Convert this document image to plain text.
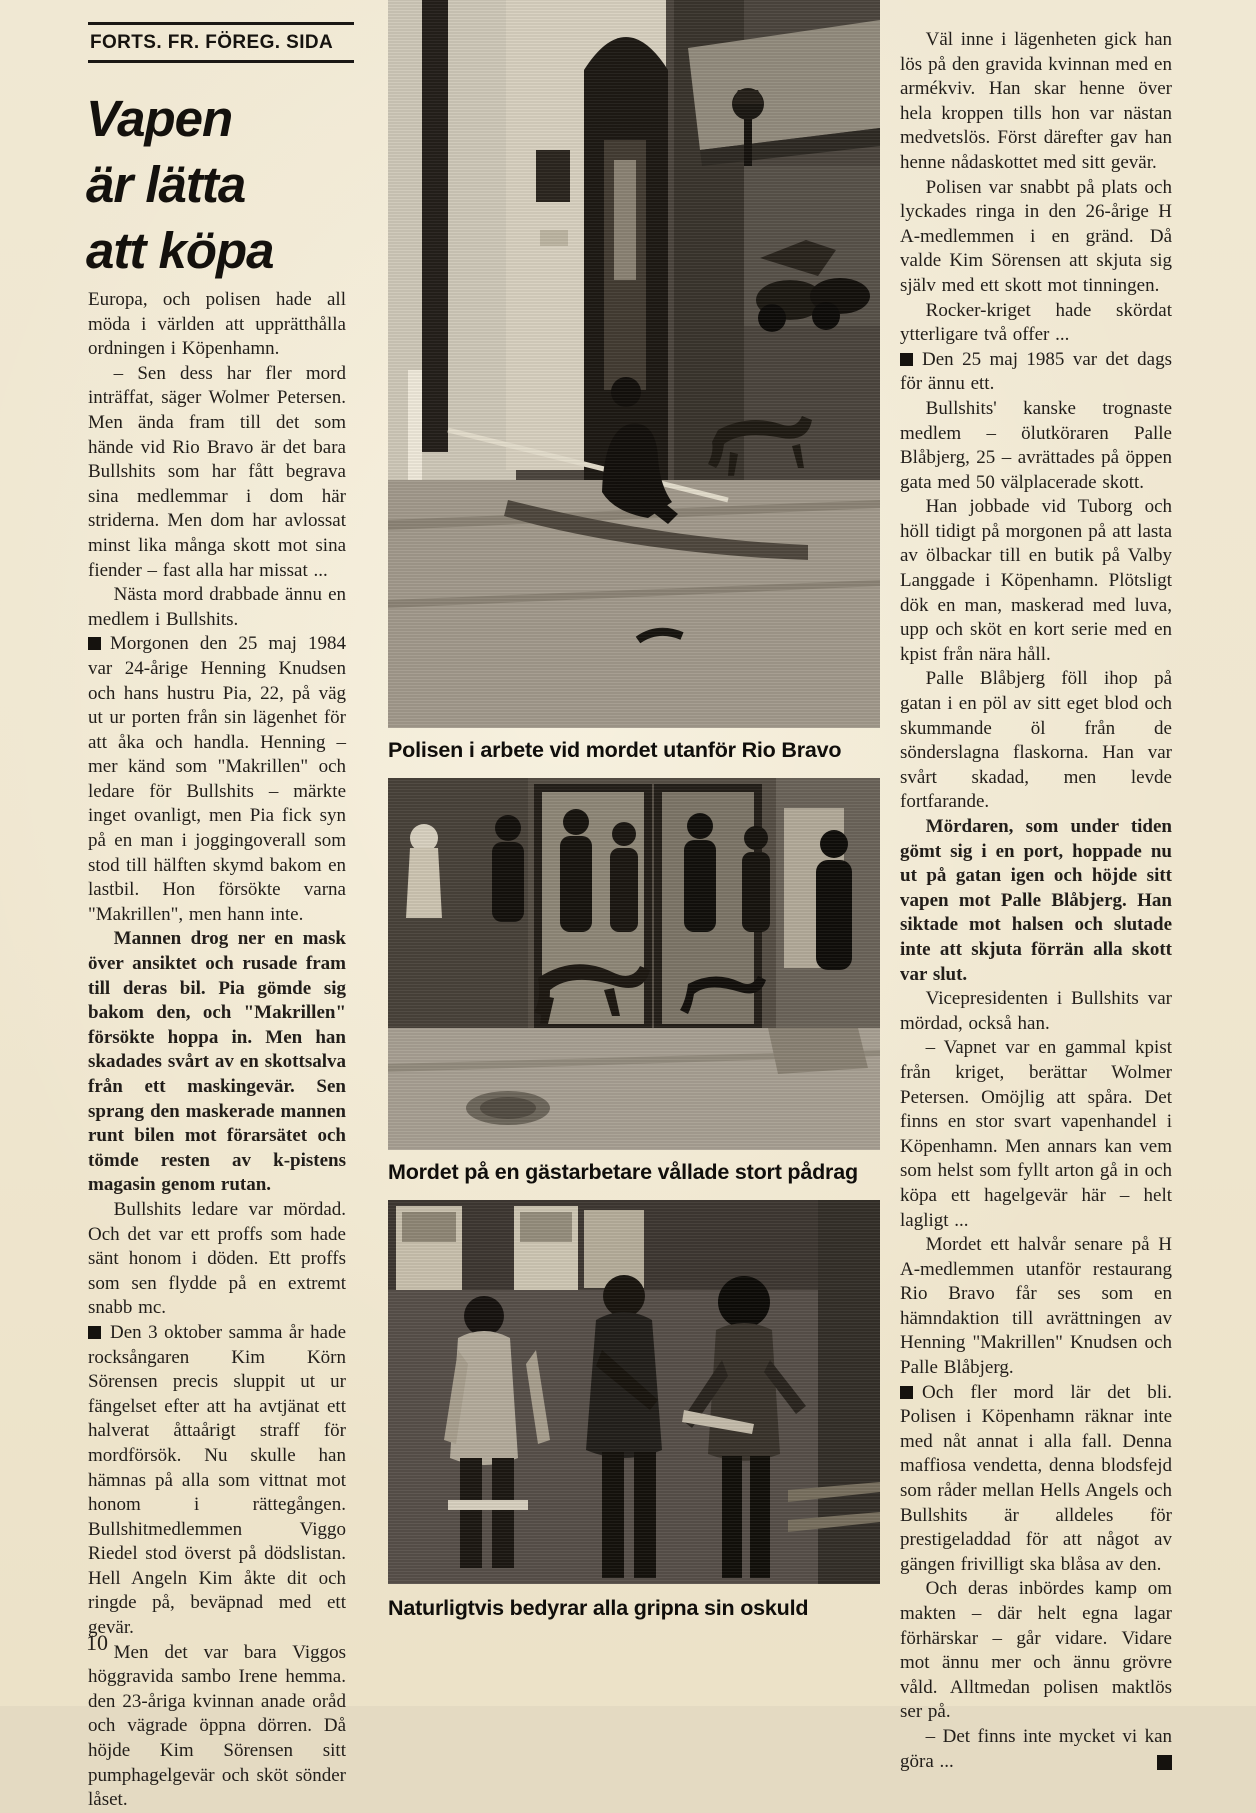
FORTS. FR. FÖREG. SIDA
Vapen
är lätta
att köpa

Europa, och polisen hade all möda i världen att upprätthålla ordningen i Köpenhamn.

– Sen dess har fler mord inträffat, säger Wolmer Petersen. Men ända fram till det som hände vid Rio Bravo är det bara Bullshits som har fått begrava sina medlemmar i dom här striderna. Men dom har avlossat minst lika många skott mot sina fiender – fast alla har missat ...

Nästa mord drabbade ännu en medlem i Bullshits.

Morgonen den 25 maj 1984 var 24-årige Henning Knudsen och hans hustru Pia, 22, på väg ut ur porten från sin lägenhet för att åka och handla. Henning – mer känd som "Makrillen" och ledare för Bullshits – märkte inget ovanligt, men Pia fick syn på en man i joggingoverall som stod till hälften skymd bakom en lastbil. Hon försökte varna "Makrillen", men hann inte.

Mannen drog ner en mask över ansiktet och rusade fram till deras bil. Pia gömde sig bakom den, och "Makrillen" försökte hoppa in. Men han skadades svårt av en skottsalva från ett maskingevär. Sen sprang den maskerade mannen runt bilen mot förarsätet och tömde resten av k-pistens magasin genom rutan.

Bullshits ledare var mördad. Och det var ett proffs som hade sänt honom i döden. Ett proffs som sen flydde på en extremt snabb mc.

Den 3 oktober samma år hade rocksångaren Kim Körn Sörensen precis sluppit ut ur fängelset efter att ha avtjänat ett halverat åttaårigt straff för mordförsök. Nu skulle han hämnas på alla som vittnat mot honom i rättegången. Bullshitmedlemmen Viggo Riedel stod överst på dödslistan. Hell Angeln Kim åkte dit och ringde på, beväpnad med ett gevär.

Men det var bara Viggos höggravida sambo Irene hemma. den 23-åriga kvinnan anade oråd och vägrade öppna dörren. Då höjde Kim Sörensen sitt pumphagelgevär och sköt sönder låset.

Polisen i arbete vid mordet utanför Rio Bravo
Mordet på en gästarbetare vållade stort pådrag
Naturligtvis bedyrar alla gripna sin oskuld

Väl inne i lägenheten gick han lös på den gravida kvinnan med en armékviv. Han skar henne över hela kroppen tills hon var nästan medvetslös. Först därefter gav han henne nådaskottet med sitt gevär.

Polisen var snabbt på plats och lyckades ringa in den 26-årige H A-medlemmen i en gränd. Då valde Kim Sörensen att skjuta sig själv med ett skott mot tinningen.

Rocker-kriget hade skördat ytterligare två offer ...

Den 25 maj 1985 var det dags för ännu ett.

Bullshits' kanske trognaste medlem – ölutköraren Palle Blåbjerg, 25 – avrättades på öppen gata med 50 välplacerade skott.

Han jobbade vid Tuborg och höll tidigt på morgonen på att lasta av ölbackar till en butik på Valby Langgade i Köpenhamn. Plötsligt dök en man, maskerad med luva, upp och sköt en kort serie med en kpist från nära håll.

Palle Blåbjerg föll ihop på gatan i en pöl av sitt eget blod och skummande öl från de sönderslagna flaskorna. Han var svårt skadad, men levde fortfarande.

Mördaren, som under tiden gömt sig i en port, hoppade nu ut på gatan igen och höjde sitt vapen mot Palle Blåbjerg. Han siktade mot halsen och slutade inte att skjuta förrän alla skott var slut.

Vicepresidenten i Bullshits var mördad, också han.

– Vapnet var en gammal kpist från kriget, berättar Wolmer Petersen. Omöjlig att spåra. Det finns en stor svart vapenhandel i Köpenhamn. Men annars kan vem som helst som fyllt arton gå in och köpa ett hagelgevär här – helt lagligt ...

Mordet ett halvår senare på H A-medlemmen utanför restaurang Rio Bravo får ses som en hämndaktion till avrättningen av Henning "Makrillen" Knudsen och Palle Blåbjerg.

Och fler mord lär det bli. Polisen i Köpenhamn räknar inte med nåt annat i alla fall. Denna maffiosa vendetta, denna blodsfejd som råder mellan Hells Angels och Bullshits är alldeles för prestigeladdad för att något av gängen frivilligt ska blåsa av den.

Och deras inbördes kamp om makten – där helt egna lagar förhärskar – går vidare. Vidare mot ännu mer och ännu grövre våld. Alltmedan polisen maktlös ser på.

– Det finns inte mycket vi kan göra ...

10
